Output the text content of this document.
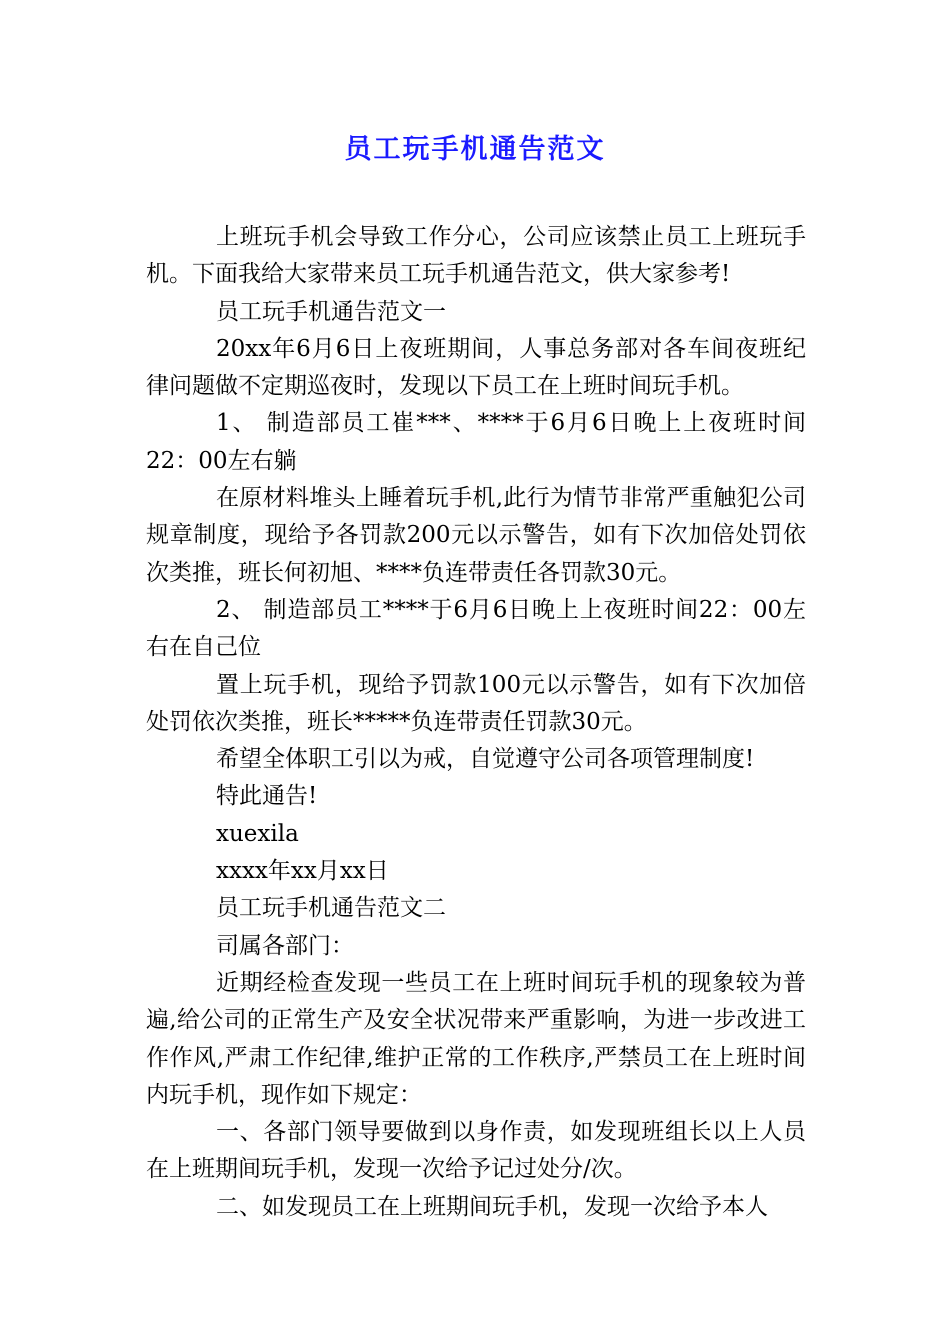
员工玩手机通告范文

上班玩手机会导致工作分心，公司应该禁止员工上班玩手机。下面我给大家带来员工玩手机通告范文，供大家参考!

员工玩手机通告范文一

20xx年6月6日上夜班期间，人事总务部对各车间夜班纪律问题做不定期巡夜时，发现以下员工在上班时间玩手机。

1、 制造部员工崔***、****于6月6日晚上上夜班时间22：00左右躺

在原材料堆头上睡着玩手机,此行为情节非常严重触犯公司规章制度，现给予各罚款200元以示警告，如有下次加倍处罚依次类推，班长何初旭、****负连带责任各罚款30元。

2、 制造部员工****于6月6日晚上上夜班时间22：00左右在自己位

置上玩手机，现给予罚款100元以示警告，如有下次加倍处罚依次类推，班长*****负连带责任罚款30元。

希望全体职工引以为戒，自觉遵守公司各项管理制度!

特此通告!

xuexila

xxxx年xx月xx日

员工玩手机通告范文二

司属各部门：

近期经检查发现一些员工在上班时间玩手机的现象较为普遍,给公司的正常生产及安全状况带来严重影响，为进一步改进工作作风,严肃工作纪律,维护正常的工作秩序,严禁员工在上班时间内玩手机，现作如下规定：

一、各部门领导要做到以身作责，如发现班组长以上人员在上班期间玩手机，发现一次给予记过处分/次。

二、如发现员工在上班期间玩手机，发现一次给予本人
